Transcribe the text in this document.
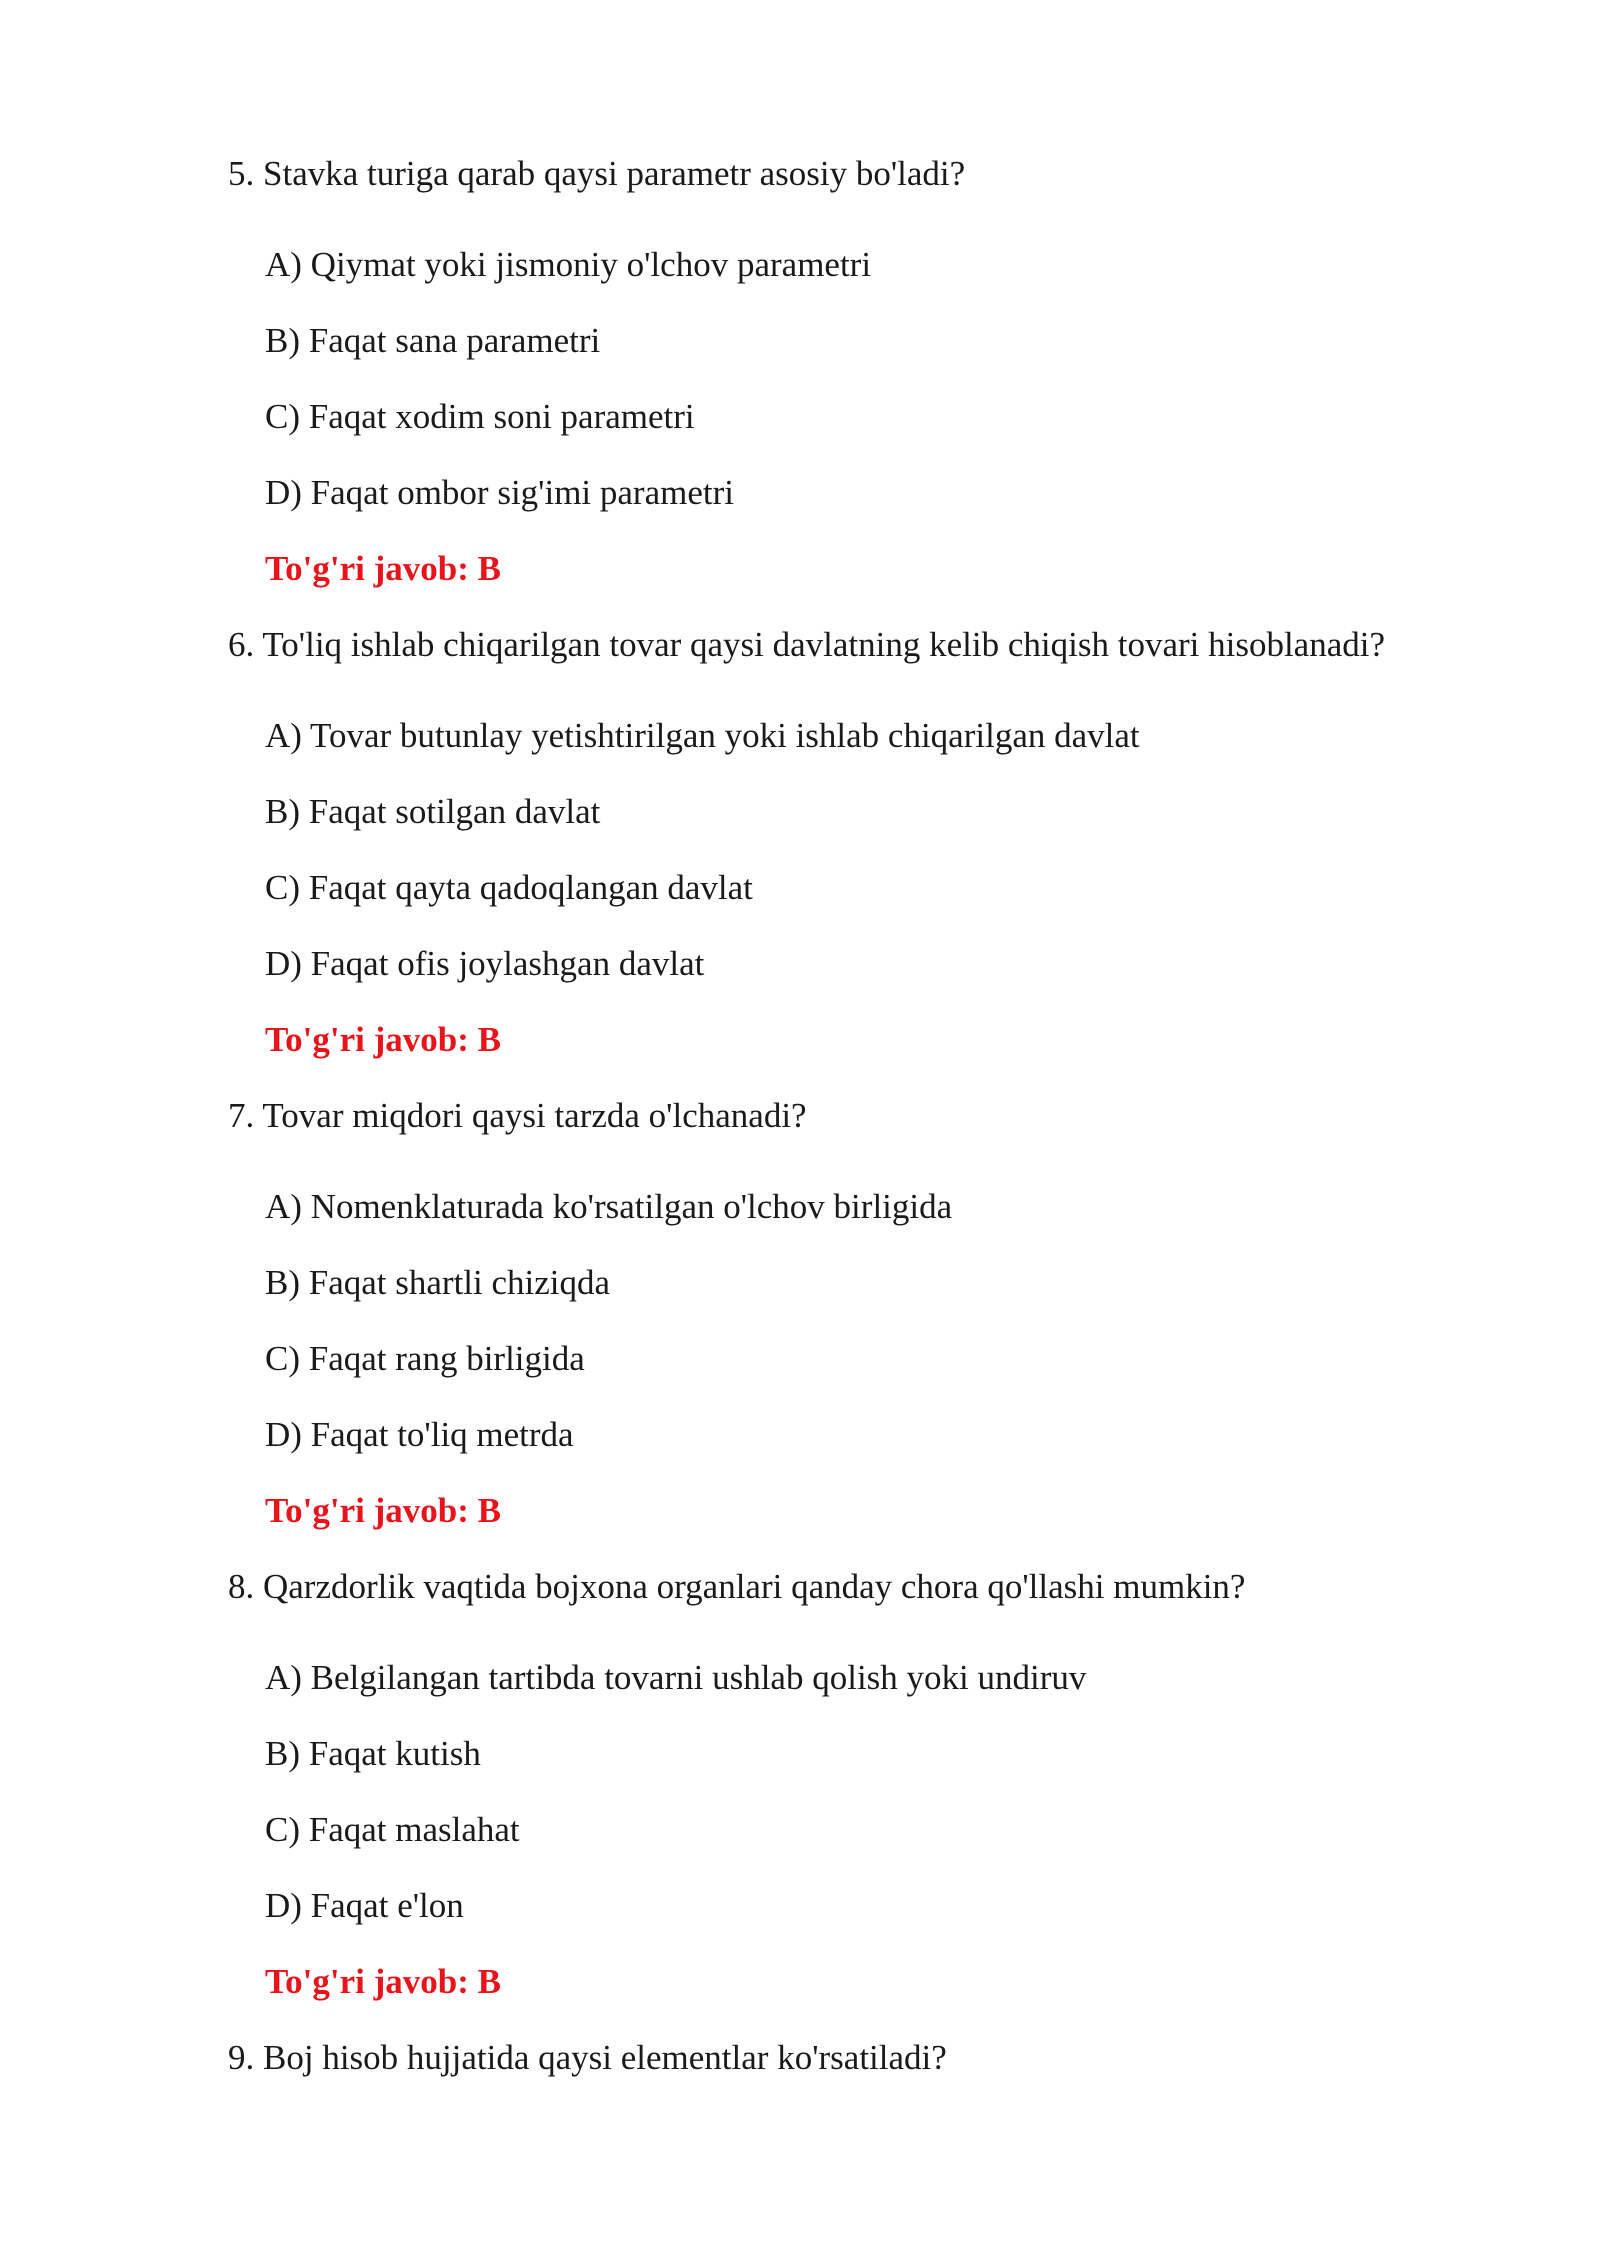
5. Stavka turiga qarab qaysi parametr asosiy bo'ladi?
A) Qiymat yoki jismoniy o'lchov parametri
B) Faqat sana parametri
C) Faqat xodim soni parametri
D) Faqat ombor sig'imi parametri
To'g'ri javob: B
6. To'liq ishlab chiqarilgan tovar qaysi davlatning kelib chiqish tovari hisoblanadi?
A) Tovar butunlay yetishtirilgan yoki ishlab chiqarilgan davlat
B) Faqat sotilgan davlat
C) Faqat qayta qadoqlangan davlat
D) Faqat ofis joylashgan davlat
To'g'ri javob: B
7. Tovar miqdori qaysi tarzda o'lchanadi?
A) Nomenklaturada ko'rsatilgan o'lchov birligida
B) Faqat shartli chiziqda
C) Faqat rang birligida
D) Faqat to'liq metrda
To'g'ri javob: B
8. Qarzdorlik vaqtida bojxona organlari qanday chora qo'llashi mumkin?
A) Belgilangan tartibda tovarni ushlab qolish yoki undiruv
B) Faqat kutish
C) Faqat maslahat
D) Faqat e'lon
To'g'ri javob: B
9. Boj hisob hujjatida qaysi elementlar ko'rsatiladi?
